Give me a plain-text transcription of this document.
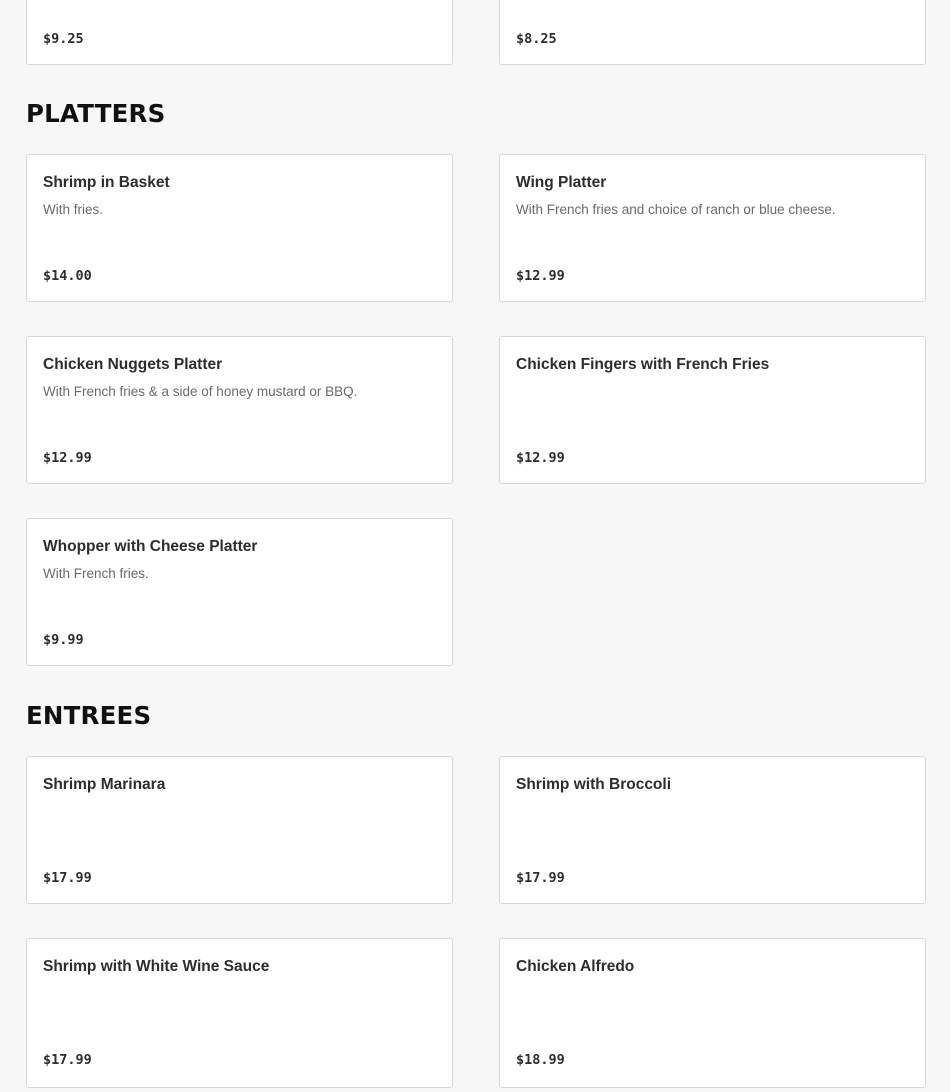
$9.25	$8.25
PLATTERS
Shrimp in Basket
With fries.
$14.00
Wing Platter
With French fries and choice of ranch or blue cheese.
$12.99
Chicken Nuggets Platter
With French fries & a side of honey mustard or BBQ.
$12.99
Chicken Fingers with French Fries
$12.99
Whopper with Cheese Platter
With French fries.
$9.99
ENTREES
Shrimp Marinara
$17.99
Shrimp with Broccoli
$17.99
Shrimp with White Wine Sauce
$17.99
Chicken Alfredo
$18.99
